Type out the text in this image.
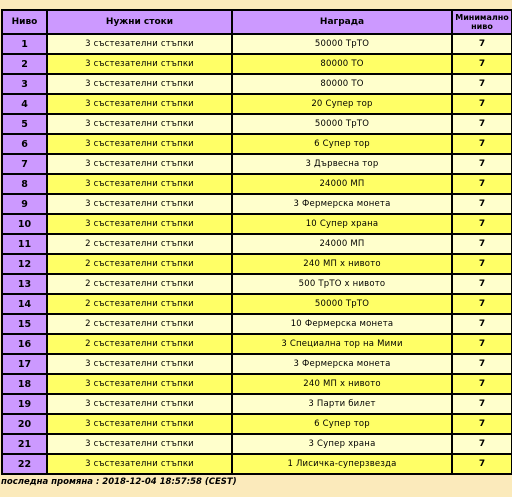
Ниво	Нужни стоки	Награда	Минимално
ниво
1	3 състезателни стъпки	50000 ТрТО	7
2	3 състезателни стъпки	80000 ТО	7
3	3 състезателни стъпки	80000 ТО	7
4	3 състезателни стъпки	20 Супер тор	7
5	3 състезателни стъпки	50000 ТрТО	7
6	3 състезателни стъпки	6 Супер тор	7
7	3 състезателни стъпки	3 Дървесна тор	7
8	3 състезателни стъпки	24000 МП	7
9	3 състезателни стъпки	3 Фермерска монета	7
10	3 състезателни стъпки	10 Супер храна	7
11	2 състезателни стъпки	24000 МП	7
12	2 състезателни стъпки	240 МП x нивото	7
13	2 състезателни стъпки	500 ТрТО x нивото	7
14	2 състезателни стъпки	50000 ТрТО	7
15	2 състезателни стъпки	10 Фермерска монета	7
16	2 състезателни стъпки	3 Специална тор на Мими	7
17	3 състезателни стъпки	3 Фермерска монета	7
18	3 състезателни стъпки	240 МП x нивото	7
19	3 състезателни стъпки	3 Парти билет	7
20	3 състезателни стъпки	6 Супер тор	7
21	3 състезателни стъпки	3 Супер храна	7
22	3 състезателни стъпки	1 Лисичка-суперзвезда	7
последна промяна : 2018-12-04 18:57:58 (CEST)
